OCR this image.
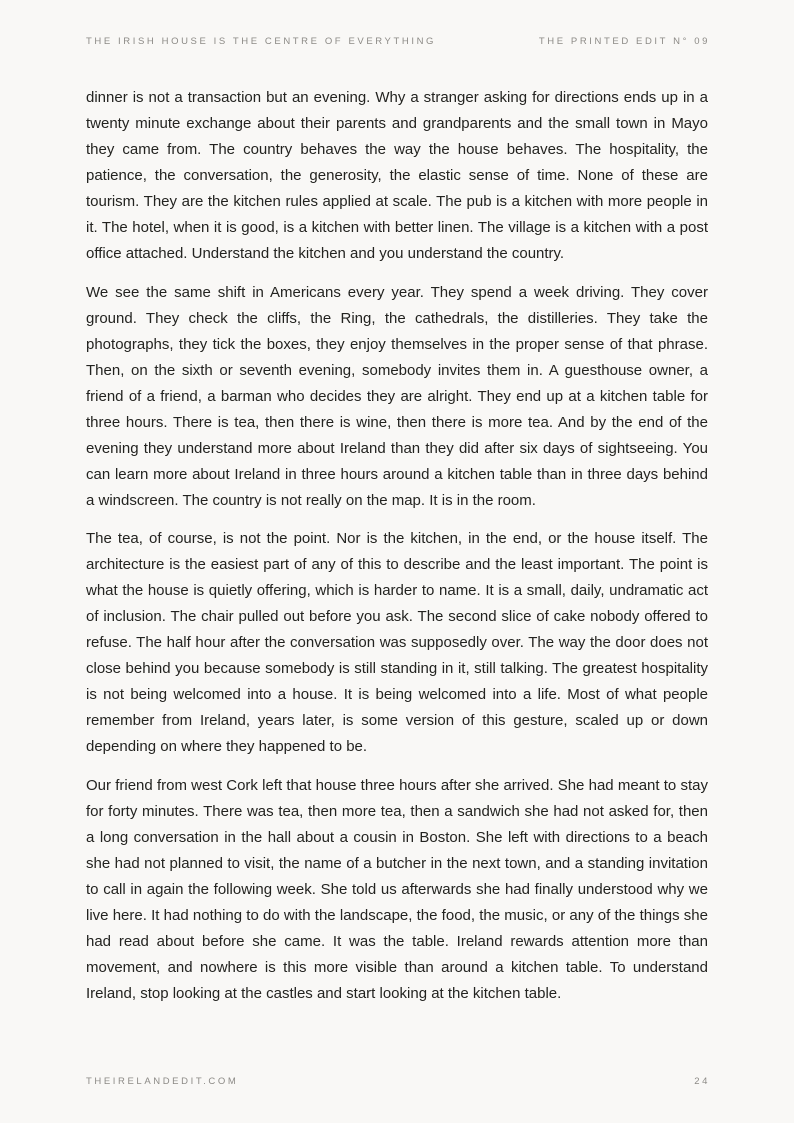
THE IRISH HOUSE IS THE CENTRE OF EVERYTHING	THE PRINTED EDIT N° 09

dinner is not a transaction but an evening. Why a stranger asking for directions ends up in a twenty minute exchange about their parents and grandparents and the small town in Mayo they came from. The country behaves the way the house behaves. The hospitality, the patience, the conversation, the generosity, the elastic sense of time. None of these are tourism. They are the kitchen rules applied at scale. The pub is a kitchen with more people in it. The hotel, when it is good, is a kitchen with better linen. The village is a kitchen with a post office attached. Understand the kitchen and you understand the country.

We see the same shift in Americans every year. They spend a week driving. They cover ground. They check the cliffs, the Ring, the cathedrals, the distilleries. They take the photographs, they tick the boxes, they enjoy themselves in the proper sense of that phrase. Then, on the sixth or seventh evening, somebody invites them in. A guesthouse owner, a friend of a friend, a barman who decides they are alright. They end up at a kitchen table for three hours. There is tea, then there is wine, then there is more tea. And by the end of the evening they understand more about Ireland than they did after six days of sightseeing. You can learn more about Ireland in three hours around a kitchen table than in three days behind a windscreen. The country is not really on the map. It is in the room.

The tea, of course, is not the point. Nor is the kitchen, in the end, or the house itself. The architecture is the easiest part of any of this to describe and the least important. The point is what the house is quietly offering, which is harder to name. It is a small, daily, undramatic act of inclusion. The chair pulled out before you ask. The second slice of cake nobody offered to refuse. The half hour after the conversation was supposedly over. The way the door does not close behind you because somebody is still standing in it, still talking. The greatest hospitality is not being welcomed into a house. It is being welcomed into a life. Most of what people remember from Ireland, years later, is some version of this gesture, scaled up or down depending on where they happened to be.

Our friend from west Cork left that house three hours after she arrived. She had meant to stay for forty minutes. There was tea, then more tea, then a sandwich she had not asked for, then a long conversation in the hall about a cousin in Boston. She left with directions to a beach she had not planned to visit, the name of a butcher in the next town, and a standing invitation to call in again the following week. She told us afterwards she had finally understood why we live here. It had nothing to do with the landscape, the food, the music, or any of the things she had read about before she came. It was the table. Ireland rewards attention more than movement, and nowhere is this more visible than around a kitchen table. To understand Ireland, stop looking at the castles and start looking at the kitchen table.

THEIRELANDEDIT.COM	24
